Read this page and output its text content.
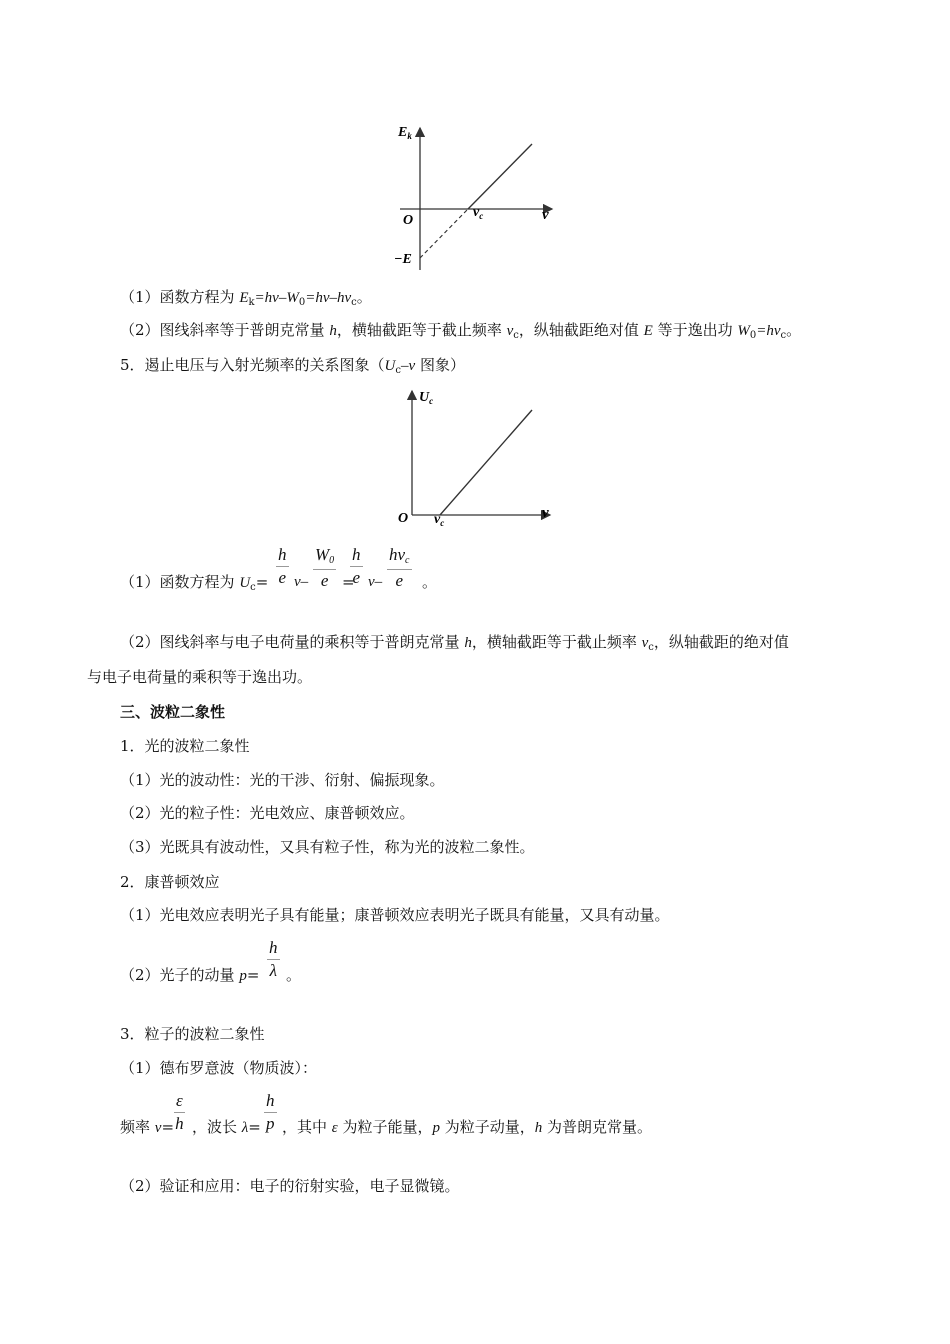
$E_k$
O	ν
$\nu_c$
−E
（1）函数方程为 $E_k=h\nu-W_0=h\nu-h\nu_c$。
（2）图线斜率等于普朗克常量 h，横轴截距等于截止频率 $\nu_c$，纵轴截距绝对值 E 等于逸出功 $W_0=h\nu_c$。
5．遏止电压与入射光频率的关系图象（$U_c-\nu$ 图象）
$U_c$
O	ν
$\nu_c$
（1）函数方程为 $U_c= \frac{h}{e} \nu- \frac{W0}{e}$ =
$\frac{h}{e} \nu-$
hνc
e	。
（2）图线斜率与电子电荷量的乘积等于普朗克常量 h，横轴截距等于截止频率 $\nu_c$，纵轴截距的绝对值
与电子电荷量的乘积等于逸出功。
三、波粒二象性
1．光的波粒二象性
（1）光的波动性：光的干涉、衍射、偏振现象。
（2）光的粒子性：光电效应、康普顿效应。
（3）光既具有波动性，又具有粒子性，称为光的波粒二象性。
2．康普顿效应
（1）光电效应表明光子具有能量；康普顿效应表明光子既具有能量，又具有动量。
（2）光子的动量 $p= \frac{h}{\lambda}$ 。
3．粒子的波粒二象性
（1）德布罗意波（物质波）：
频率 $\nu= \frac{\varepsilon}{h}$ ，波长 $\lambda= \frac{h}{p}$ ，其中 ε 为粒子能量，p 为粒子动量，h 为普朗克常量。
（2）验证和应用：电子的衍射实验，电子显微镜。
